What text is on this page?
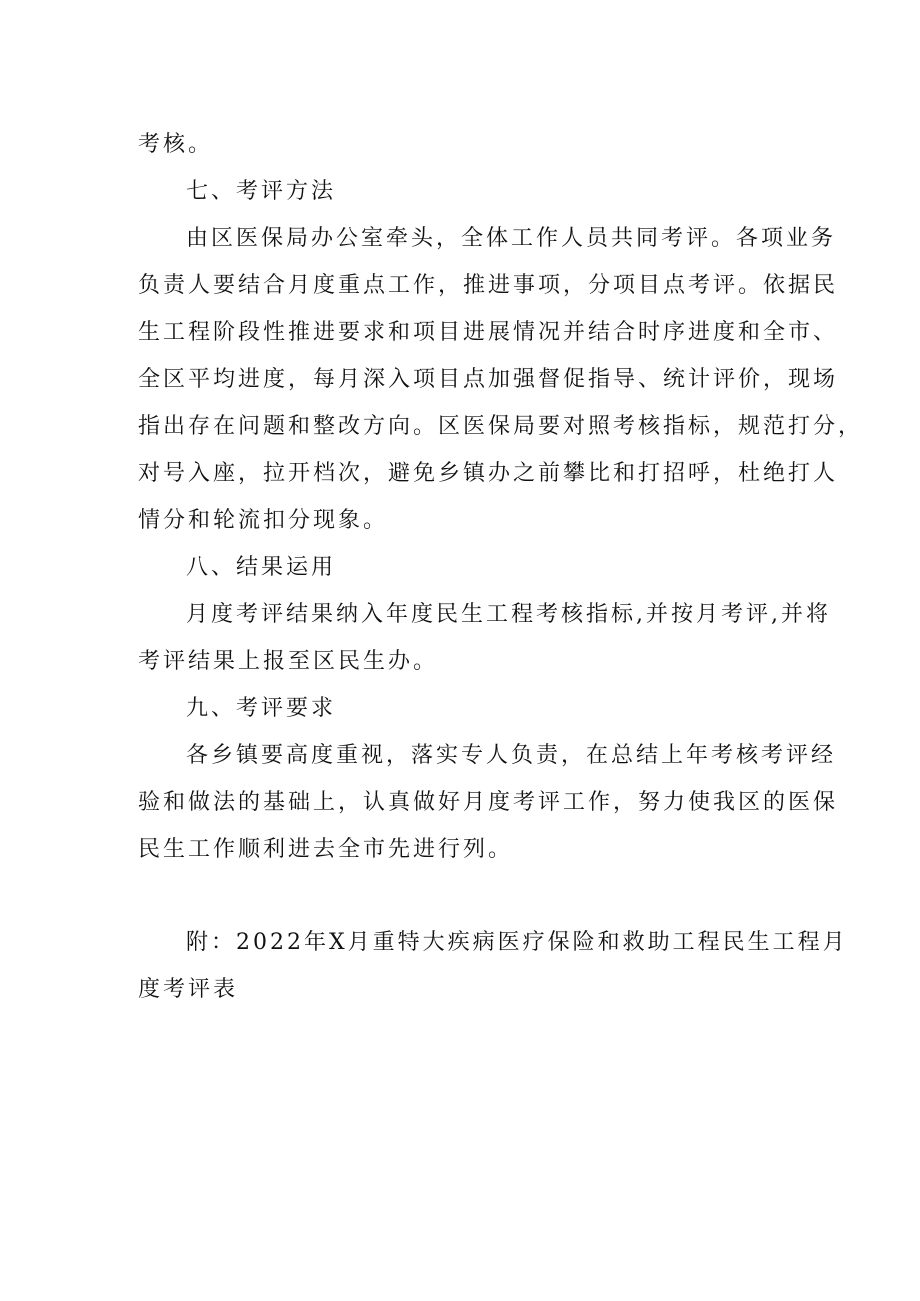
考核。
七、考评方法
由区医保局办公室牵头，全体工作人员共同考评。各项业务
负责人要结合月度重点工作，推进事项，分项目点考评。依据民
生工程阶段性推进要求和项目进展情况并结合时序进度和全市、
全区平均进度，每月深入项目点加强督促指导、统计评价，现场
指出存在问题和整改方向。区医保局要对照考核指标，规范打分，
对号入座，拉开档次，避免乡镇办之前攀比和打招呼，杜绝打人
情分和轮流扣分现象。
八、结果运用
月度考评结果纳入年度民生工程考核指标,并按月考评,并将
考评结果上报至区民生办。
九、考评要求
各乡镇要高度重视，落实专人负责，在总结上年考核考评经
验和做法的基础上，认真做好月度考评工作，努力使我区的医保
民生工作顺利进去全市先进行列。
附：2022年X月重特大疾病医疗保险和救助工程民生工程月
度考评表
